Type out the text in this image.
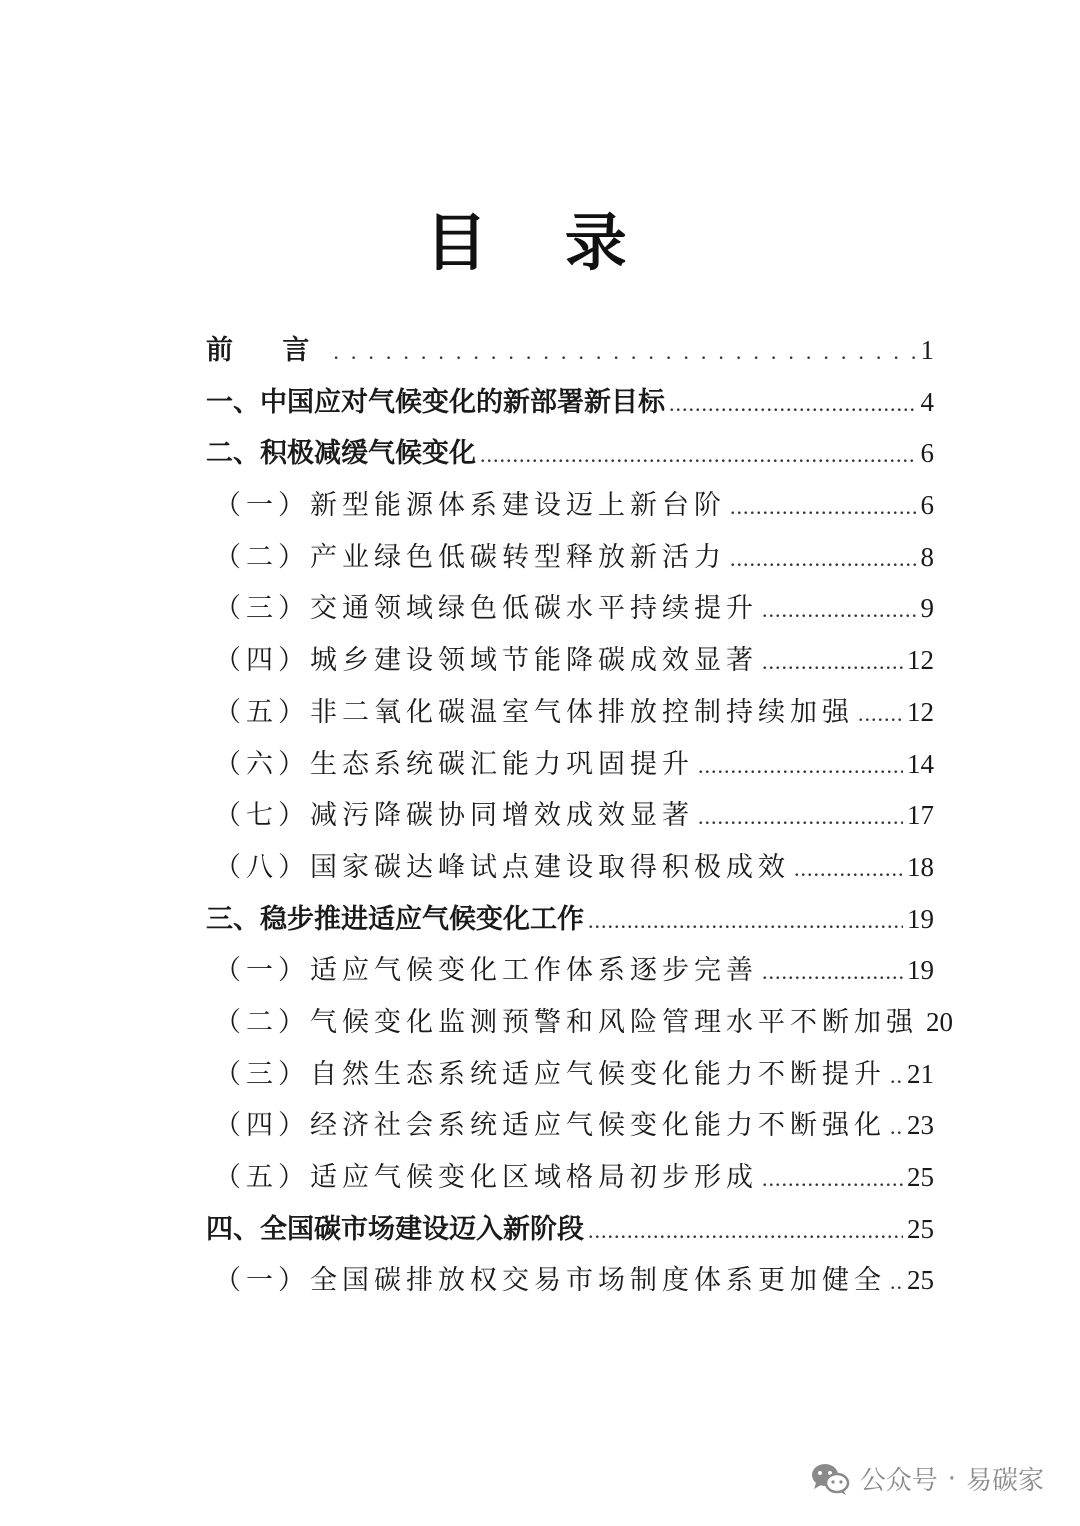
目 录
前 言 .....	1
一、中国应对气候变化的新部署新目标 .....	4
二、积极减缓气候变化 .....	6
（一）新型能源体系建设迈上新台阶 .....	6
（二）产业绿色低碳转型释放新活力 .....	8
（三）交通领域绿色低碳水平持续提升 .....	9
（四）城乡建设领域节能降碳成效显著 .....	12
（五）非二氧化碳温室气体排放控制持续加强 ..... 12
（六）生态系统碳汇能力巩固提升 .....	14
（七）减污降碳协同增效成效显著 .....	17
（八）国家碳达峰试点建设取得积极成效 .....	18
三、稳步推进适应气候变化工作 .....	19
（一）适应气候变化工作体系逐步完善 .....	19
（二）气候变化监测预警和风险管理水平不断加强 20
（三）自然生态系统适应气候变化能力不断提升 ..... 21
（四）经济社会系统适应气候变化能力不断强化 ..... 23
（五）适应气候变化区域格局初步形成 .....	25
四、全国碳市场建设迈入新阶段 .....	25
（一）全国碳排放权交易市场制度体系更加健全 ..... 25
公众号 · 易碳家
